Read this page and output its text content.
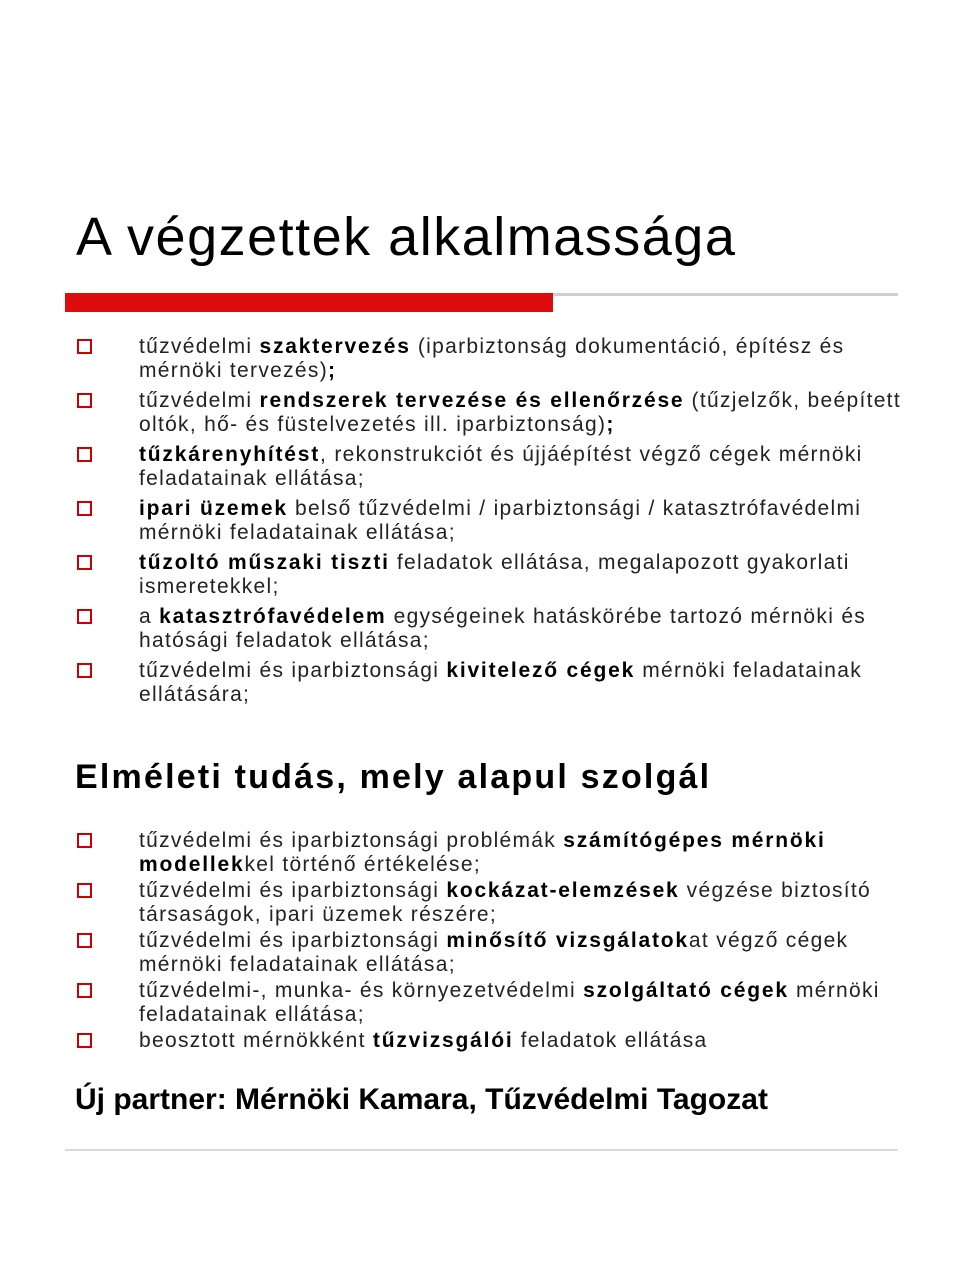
A végzettek alkalmassága
tűzvédelmi szaktervezés (iparbiztonság dokumentáció, építész és mérnöki tervezés);
tűzvédelmi rendszerek tervezése és ellenőrzése (tűzjelzők, beépített oltók, hő- és füstelvezetés ill. iparbiztonság);
tűzkárenyhítést, rekonstrukciót és újjáépítést végző cégek mérnöki feladatainak ellátása;
ipari üzemek belső tűzvédelmi / iparbiztonsági / katasztrófavédelmi mérnöki feladatainak ellátása;
tűzoltó műszaki tiszti feladatok ellátása, megalapozott gyakorlati ismeretekkel;
a katasztrófavédelem egységeinek hatáskörébe tartozó mérnöki és hatósági feladatok ellátása;
tűzvédelmi és iparbiztonsági kivitelező cégek mérnöki feladatainak ellátására;
Elméleti tudás, mely alapul szolgál
tűzvédelmi és iparbiztonsági problémák számítógépes mérnöki modellekkel történő értékelése;
tűzvédelmi és iparbiztonsági kockázat-elemzések végzése biztosító társaságok, ipari üzemek részére;
tűzvédelmi és iparbiztonsági minősítő vizsgálatokat végző cégek mérnöki feladatainak ellátása;
tűzvédelmi-, munka- és környezetvédelmi szolgáltató cégek mérnöki feladatainak ellátása;
beosztott mérnökként tűzvizsgálói feladatok ellátása

Új partner: Mérnöki Kamara, Tűzvédelmi Tagozat
